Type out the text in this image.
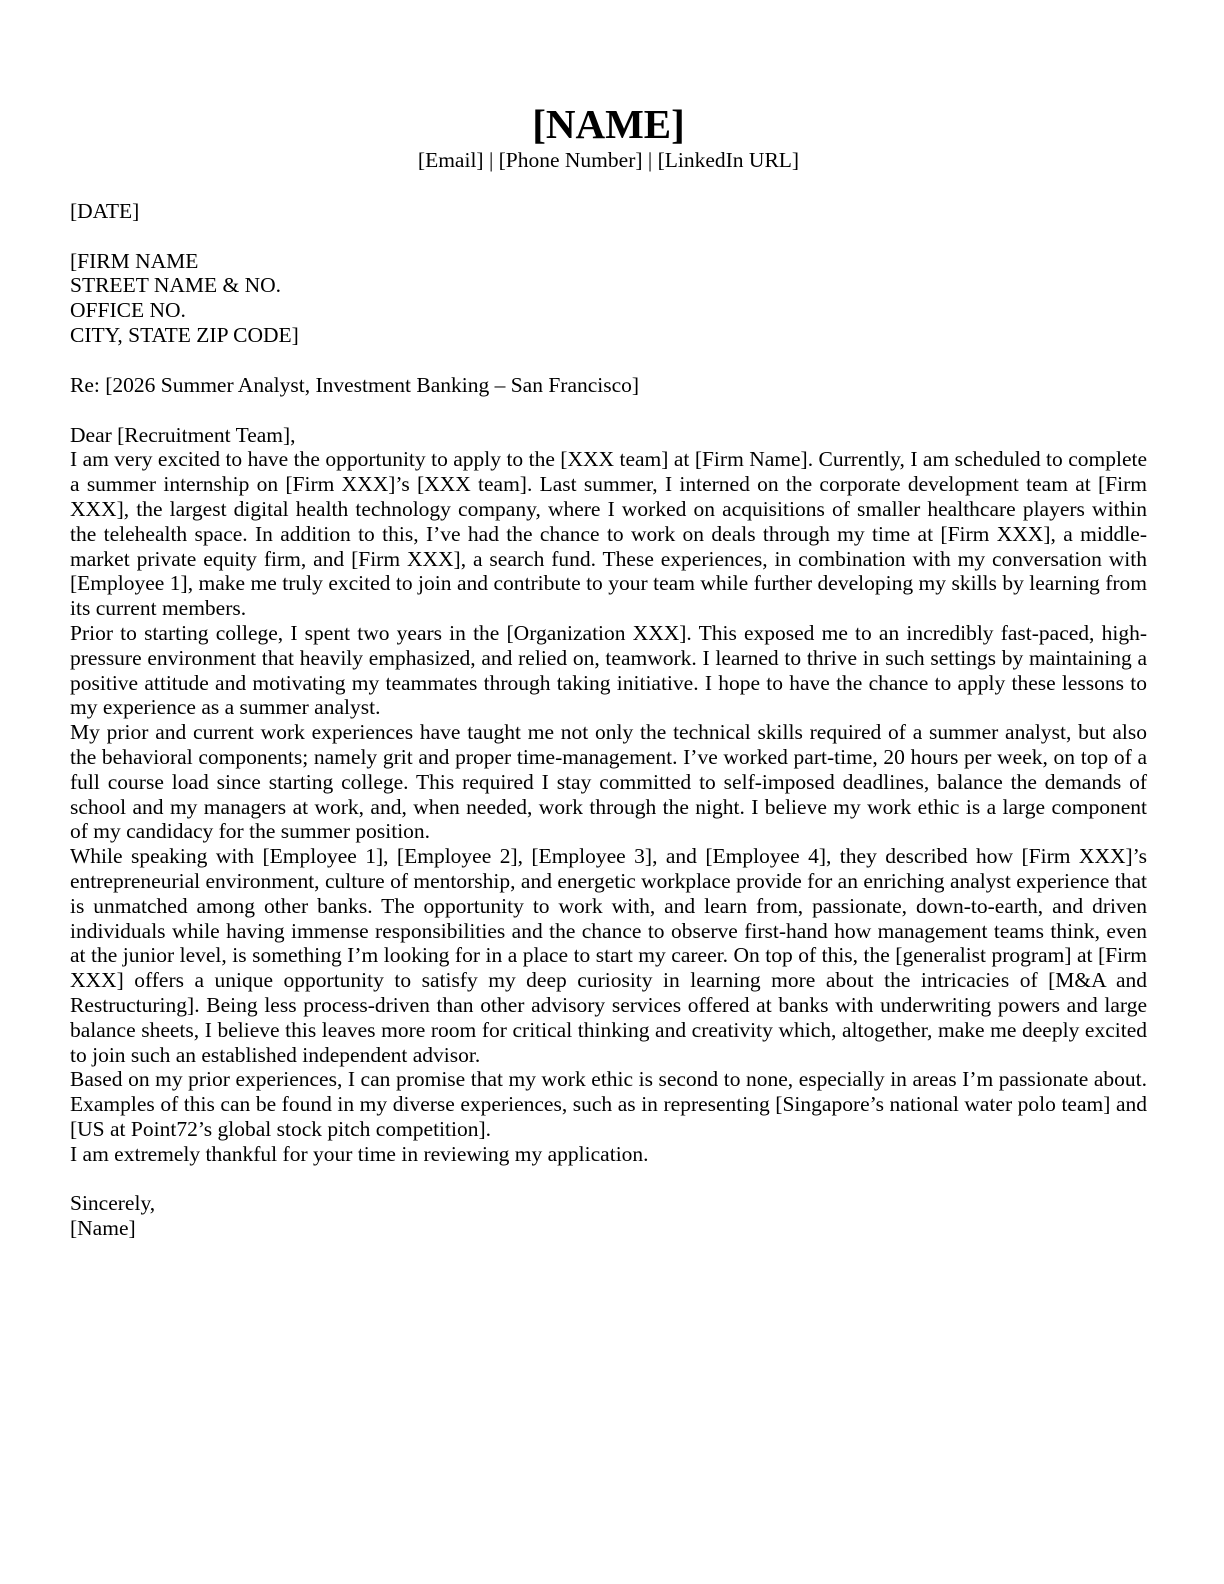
[NAME]

[Email] | [Phone Number] | [LinkedIn URL]

[DATE]

[FIRM NAME
STREET NAME & NO.
OFFICE NO.
CITY, STATE ZIP CODE]

Re: [2026 Summer Analyst, Investment Banking – San Francisco]

Dear [Recruitment Team],

I am very excited to have the opportunity to apply to the [XXX team] at [Firm Name]. Currently, I am scheduled to complete a summer internship on [Firm XXX]’s [XXX team]. Last summer, I interned on the corporate development team at [Firm XXX], the largest digital health technology company, where I worked on acquisitions of smaller healthcare players within the telehealth space. In addition to this, I’ve had the chance to work on deals through my time at [Firm XXX], a middle-market private equity firm, and [Firm XXX], a search fund. These experiences, in combination with my conversation with [Employee 1], make me truly excited to join and contribute to your team while further developing my skills by learning from its current members.

Prior to starting college, I spent two years in the [Organization XXX]. This exposed me to an incredibly fast-paced, high-pressure environment that heavily emphasized, and relied on, teamwork. I learned to thrive in such settings by maintaining a positive attitude and motivating my teammates through taking initiative. I hope to have the chance to apply these lessons to my experience as a summer analyst.

My prior and current work experiences have taught me not only the technical skills required of a summer analyst, but also the behavioral components; namely grit and proper time-management. I’ve worked part-time, 20 hours per week, on top of a full course load since starting college. This required I stay committed to self-imposed deadlines, balance the demands of school and my managers at work, and, when needed, work through the night. I believe my work ethic is a large component of my candidacy for the summer position.

While speaking with [Employee 1], [Employee 2], [Employee 3], and [Employee 4], they described how [Firm XXX]’s entrepreneurial environment, culture of mentorship, and energetic workplace provide for an enriching analyst experience that is unmatched among other banks. The opportunity to work with, and learn from, passionate, down-to-earth, and driven individuals while having immense responsibilities and the chance to observe first-hand how management teams think, even at the junior level, is something I’m looking for in a place to start my career. On top of this, the [generalist program] at [Firm XXX] offers a unique opportunity to satisfy my deep curiosity in learning more about the intricacies of [M&A and Restructuring]. Being less process-driven than other advisory services offered at banks with underwriting powers and large balance sheets, I believe this leaves more room for critical thinking and creativity which, altogether, make me deeply excited to join such an established independent advisor.

Based on my prior experiences, I can promise that my work ethic is second to none, especially in areas I’m passionate about. Examples of this can be found in my diverse experiences, such as in representing [Singapore’s national water polo team] and [US at Point72’s global stock pitch competition].

I am extremely thankful for your time in reviewing my application.

Sincerely,
[Name]
